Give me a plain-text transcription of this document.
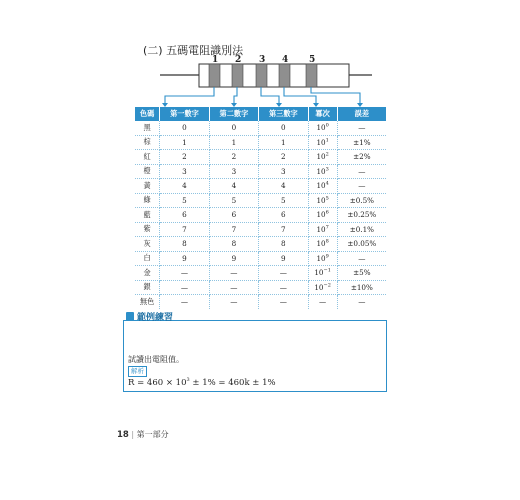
(二) 五碼電阻識別法
1 2 3 4 5
色碼	第一數字	第二數字	第三數字	冪次	誤差
黑	0	0	0	$10^0$	—
棕	1	1	1	$10^1$	±1%
紅	2	2	2	$10^2$	±2%
橙	3	3	3	$10^3$	—
黃	4	4	4	$10^4$	—
綠	5	5	5	$10^5$	±0.5%
藍	6	6	6	$10^6$	±0.25%
紫	7	7	7	$10^7$	±0.1%
灰	8	8	8	$10^8$	±0.05%
白	9	9	9	$10^9$	—
金	—	—	—	$10^{-1}$	±5%
銀	—	—	—	$10^{-2}$	±10%
無色	—	—	—	—	—
範例練習
試讀出電阻值。
解析
$R = 460 \times 10^3 \pm 1\% = 460k \pm 1\%$
18 | 第一部分
